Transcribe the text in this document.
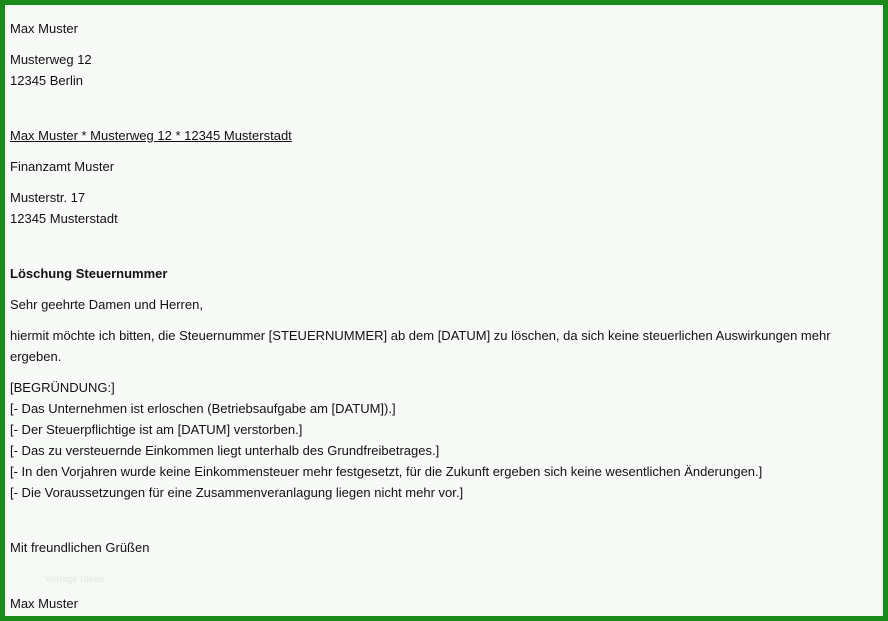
Max Muster

Musterweg 12

12345 Berlin

Max Muster * Musterweg 12 * 12345 Musterstadt

Finanzamt Muster

Musterstr. 17

12345 Musterstadt

Löschung Steuernummer

Sehr geehrte Damen und Herren,

hiermit möchte ich bitten, die Steuernummer [STEUERNUMMER] ab dem [DATUM] zu löschen, da sich keine steuerlichen Auswirkungen mehr ergeben.

[BEGRÜNDUNG:]

[- Das Unternehmen ist erloschen (Betriebsaufgabe am [DATUM]).]

[- Der Steuerpflichtige ist am [DATUM] verstorben.]

[- Das zu versteuernde Einkommen liegt unterhalb des Grundfreibetrages.]

[- In den Vorjahren wurde keine Einkommensteuer mehr festgesetzt, für die Zukunft ergeben sich keine wesentlichen Änderungen.]

[- Die Voraussetzungen für eine Zusammenveranlagung liegen nicht mehr vor.]

Mit freundlichen Grüßen

Max Muster

Vorlage Ideen
